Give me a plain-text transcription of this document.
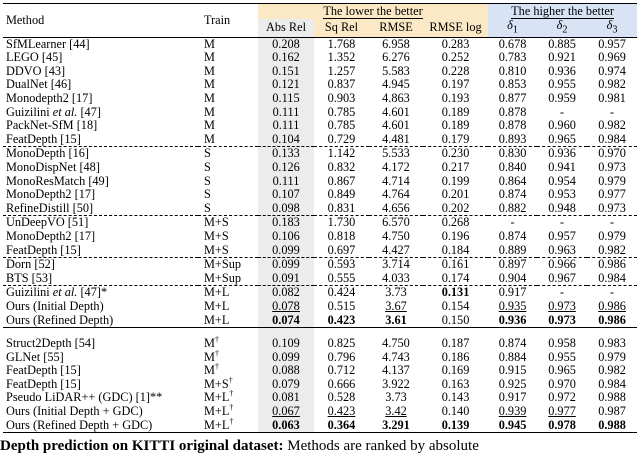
Method	Train	The lower the better				The higher the better		
		Abs Rel	Sq Rel	RMSE	RMSE log	$\delta_1$	$\delta_2$	$\delta_3$
SfMLearner [44]	M	0.208	1.768	6.958	0.283	0.678	0.885	0.957
LEGO [45]	M	0.162	1.352	6.276	0.252	0.783	0.921	0.969
DDVO [43]	M	0.151	1.257	5.583	0.228	0.810	0.936	0.974
DualNet [46]	M	0.121	0.837	4.945	0.197	0.853	0.955	0.982
Monodepth2 [17]	M	0.115	0.903	4.863	0.193	0.877	0.959	0.981
Guizilini et al. [47]	M	0.111	0.785	4.601	0.189	0.878	-	-
PackNet-SfM [18]	M	0.111	0.785	4.601	0.189	0.878	0.960	0.982
FeatDepth [15]	M	0.104	0.729	4.481	0.179	0.893	0.965	0.984
MonoDepth [16]	S	0.133	1.142	5.533	0.230	0.830	0.936	0.970
MonoDispNet [48]	S	0.126	0.832	4.172	0.217	0.840	0.941	0.973
MonoResMatch [49]	S	0.111	0.867	4.714	0.199	0.864	0.954	0.979
MonoDepth2 [17]	S	0.107	0.849	4.764	0.201	0.874	0.953	0.977
RefineDistill [50]	S	0.098	0.831	4.656	0.202	0.882	0.948	0.973
UnDeepVO [51]	M+S	0.183	1.730	6.570	0.268	-	-	-
MonoDepth2 [17]	M+S	0.106	0.818	4.750	0.196	0.874	0.957	0.979
FeatDepth [15]	M+S	0.099	0.697	4.427	0.184	0.889	0.963	0.982
Dorn [52]	M+Sup	0.099	0.593	3.714	0.161	0.897	0.966	0.986
BTS [53]	M+Sup	0.091	0.555	4.033	0.174	0.904	0.967	0.984
Guizilini et al. [47]*	M+L	0.082	0.424	3.73	0.131	0.917	-	-
Ours (Initial Depth)	M+L	0.078	0.515	3.67	0.154	0.935	0.973	0.986
Ours (Refined Depth)	M+L	0.074	0.423	3.61	0.150	0.936	0.973	0.986

Struct2Depth [54]	M†	0.109	0.825	4.750	0.187	0.874	0.958	0.983
GLNet [55]	M†	0.099	0.796	4.743	0.186	0.884	0.955	0.979
FeatDepth [15]	M†	0.088	0.712	4.137	0.169	0.915	0.965	0.982
FeatDepth [15]	M+S†	0.079	0.666	3.922	0.163	0.925	0.970	0.984
Pseudo LiDAR++ (GDC) [1]**	M+L†	0.081	0.528	3.73	0.143	0.917	0.972	0.988
Ours (Initial Depth + GDC)	M+L†	0.067	0.423	3.42	0.140	0.939	0.977	0.987
Ours (Refined Depth + GDC)	M+L†	0.063	0.364	3.291	0.139	0.945	0.978	0.988
Depth prediction on KITTI original dataset: Methods are ranked by absolute
